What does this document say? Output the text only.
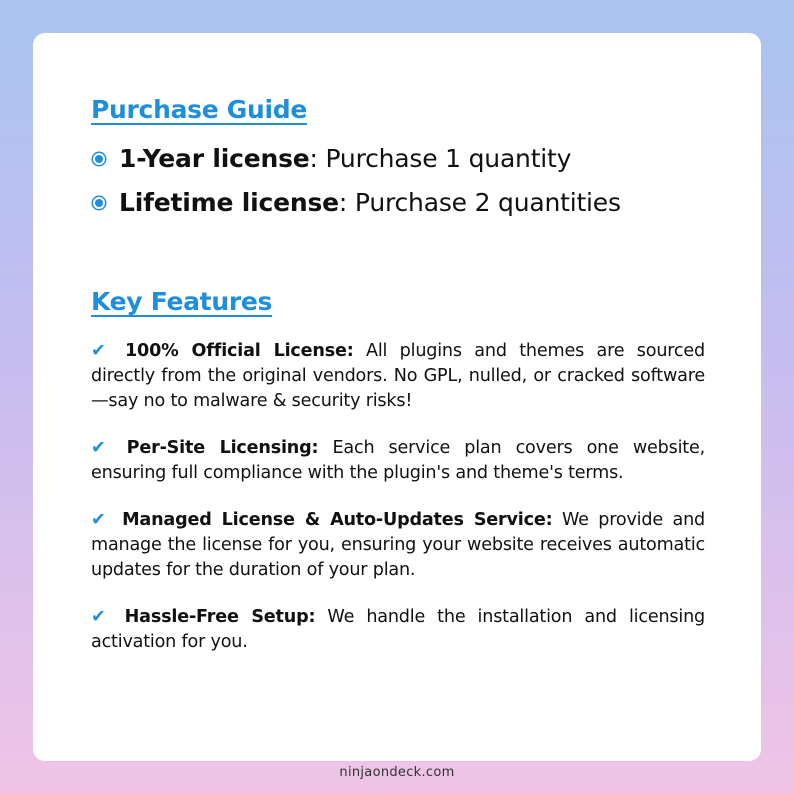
Purchase Guide
1-Year license : Purchase 1 quantity
Lifetime license : Purchase 2 quantities
Key Features

✔ 100% Official License: All plugins and themes are sourced directly from the original vendors. No GPL, nulled, or cracked software—say no to malware & security risks!

✔ Per-Site Licensing: Each service plan covers one website, ensuring full compliance with the plugin's and theme's terms.

✔ Managed License & Auto-Updates Service: We provide and manage the license for you, ensuring your website receives automatic updates for the duration of your plan.

✔ Hassle-Free Setup: We handle the installation and licensing activation for you.

ninjaondeck.com
